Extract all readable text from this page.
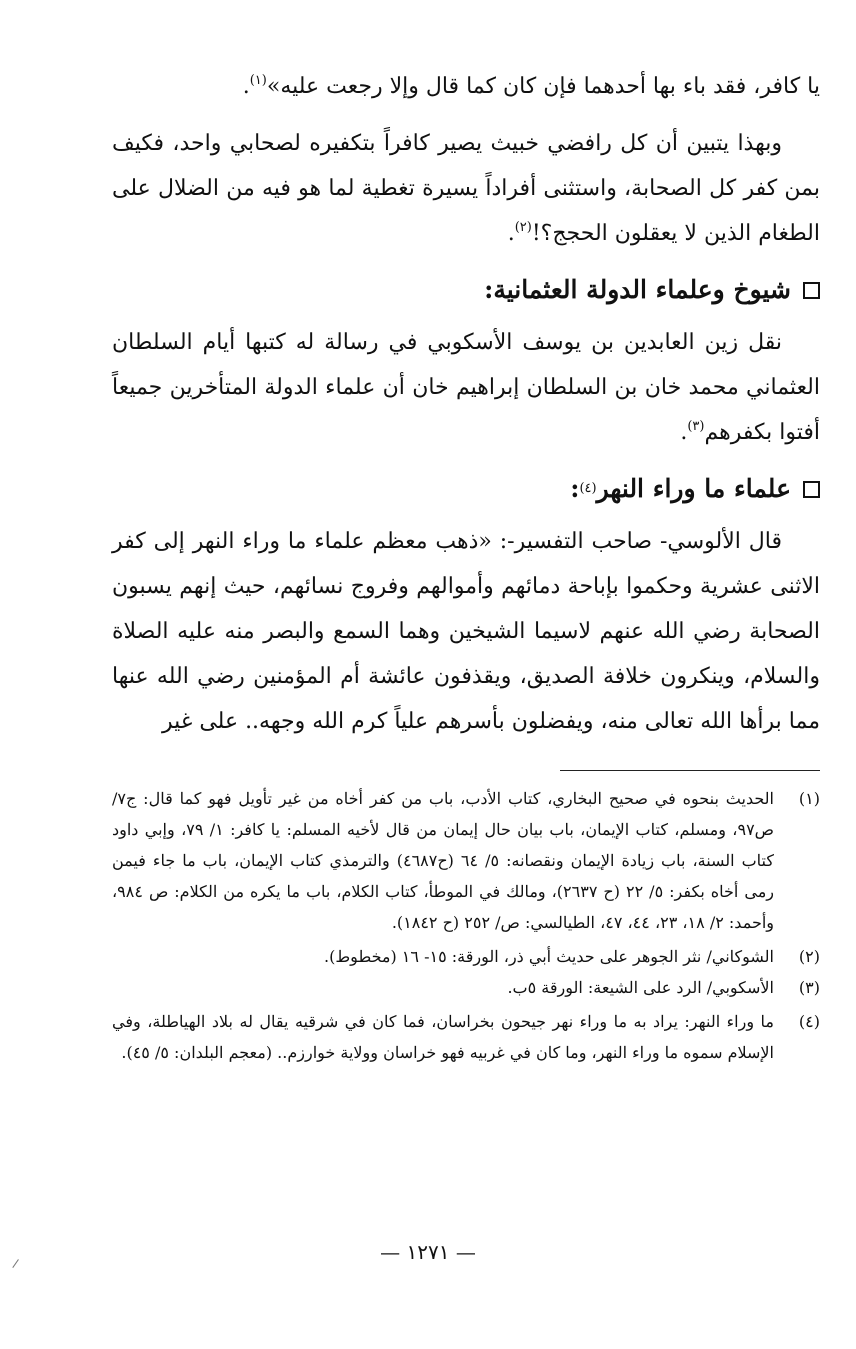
يا كافر، فقد باء بها أحدهما فإن كان كما قال وإلا رجعت عليه»$^{(١)}$.

وبهذا يتبين أن كل رافضي خبيث يصير كافراً بتكفيره لصحابي واحد، فكيف بمن كفر كل الصحابة، واستثنى أفراداً يسيرة تغطية لما هو فيه من الضلال على الطغام الذين لا يعقلون الحجج؟!$^{(٢)}$.

شيوخ وعلماء الدولة العثمانية:

نقل زين العابدين بن يوسف الأسكوبي في رسالة له كتبها أيام السلطان العثماني محمد خان بن السلطان إبراهيم خان أن علماء الدولة المتأخرين جميعاً أفتوا بكفرهم$^{(٣)}$.

علماء ما وراء النهر
(٤)
:

قال الألوسي- صاحب التفسير-: «ذهب معظم علماء ما وراء النهر إلى كفر الاثنى عشرية وحكموا بإباحة دمائهم وأموالهم وفروج نسائهم، حيث إنهم يسبون الصحابة رضي الله عنهم لاسيما الشيخين وهما السمع والبصر منه عليه الصلاة والسلام، وينكرون خلافة الصديق، ويقذفون عائشة أم المؤمنين رضي الله عنها مما برأها الله تعالى منه، ويفضلون بأسرهم علياً كرم الله وجهه.. على غير

(١)
الحديث بنحوه في صحيح البخاري، كتاب الأدب، باب من كفر أخاه من غير تأويل فهو كما قال: ج٧/ ص٩٧، ومسلم، كتاب الإيمان، باب بيان حال إيمان من قال لأخيه المسلم: يا كافر: ١/ ٧٩، وإبي داود كتاب السنة، باب زيادة الإيمان ونقصانه: ٥/ ٦٤ (ح٤٦٨٧) والترمذي كتاب الإيمان، باب ما جاء فيمن رمى أخاه بكفر: ٥/ ٢٢ (ح ٢٦٣٧)، ومالك في الموطأ، كتاب الكلام، باب ما يكره من الكلام: ص ٩٨٤، وأحمد: ٢/ ١٨، ٢٣، ٤٤، ٤٧، الطيالسي: ص/ ٢٥٢ (ح ١٨٤٢).
(٢)
الشوكاني/ نثر الجوهر على حديث أبي ذر، الورقة: ١٥- ١٦ (مخطوط).
(٣)
الأسكوبي/ الرد على الشيعة: الورقة ٥ب.
(٤)
ما وراء النهر: يراد به ما وراء نهر جيحون بخراسان، فما كان في شرقيه يقال له بلاد الهياطلة، وفي الإسلام سموه ما وراء النهر، وما كان في غربيه فهو خراسان وولاية خوارزم.. (معجم البلدان: ٥/ ٤٥).
— ١٢٧١ —
